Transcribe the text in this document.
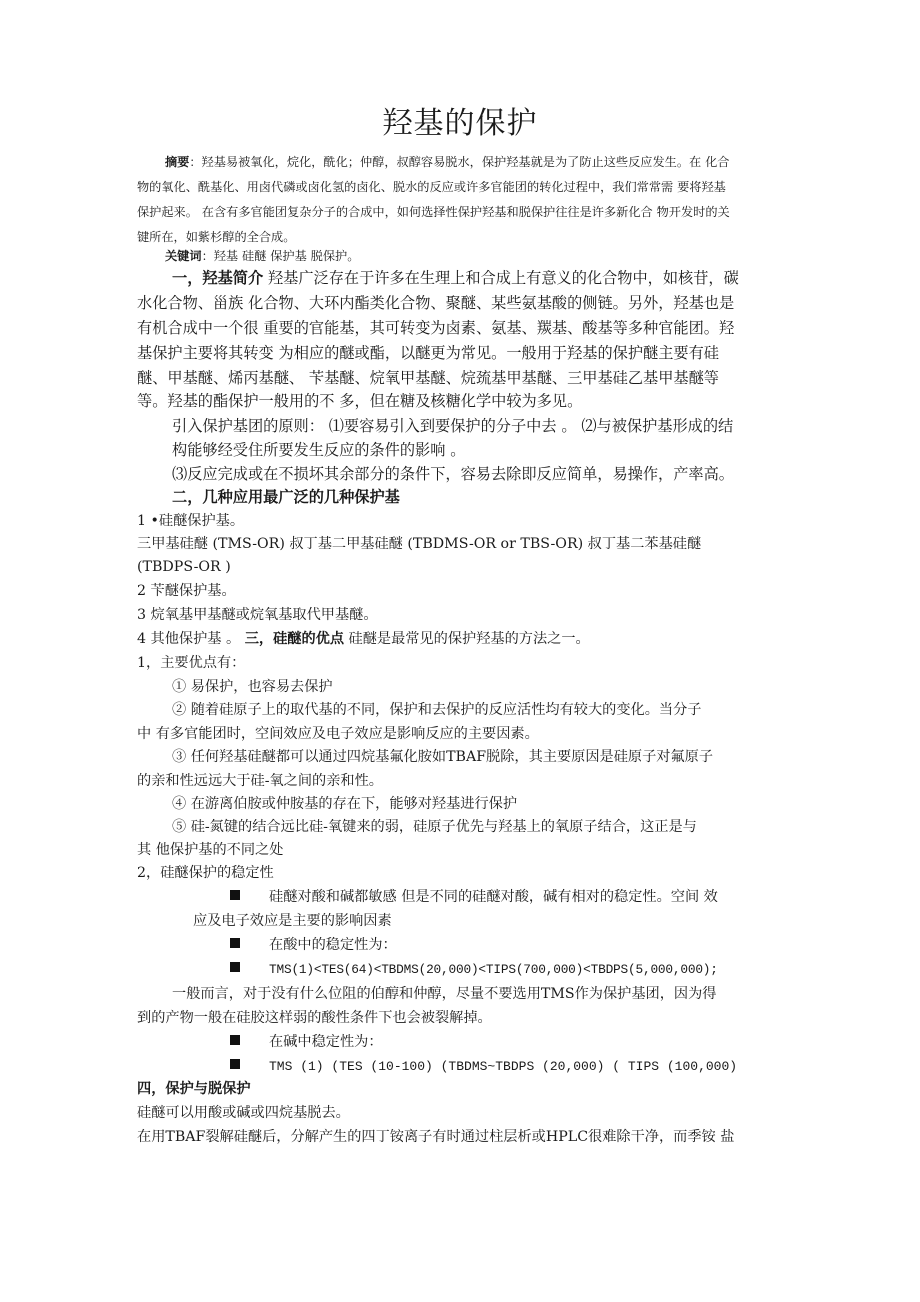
羟基的保护
摘要：羟基易被氧化，烷化，酰化；仲醇，叔醇容易脱水，保护羟基就是为了防止这些反应发生。在 化合
物的氧化、酰基化、用卤代磷或卤化氢的卤化、脱水的反应或许多官能团的转化过程中，我们常常需 要将羟基
保护起来。 在含有多官能团复杂分子的合成中，如何选择性保护羟基和脱保护往往是许多新化合 物开发时的关
键所在，如紫杉醇的全合成。
关键词：羟基 硅醚 保护基 脱保护。
一，羟基简介 羟基广泛存在于许多在生理上和合成上有意义的化合物中，如核苷，碳
水化合物、甾族 化合物、大环内酯类化合物、聚醚、某些氨基酸的侧链。另外，羟基也是
有机合成中一个很 重要的官能基，其可转变为卤素、氨基、羰基、酸基等多种官能团。羟
基保护主要将其转变 为相应的醚或酯，以醚更为常见。一般用于羟基的保护醚主要有硅
醚、甲基醚、烯丙基醚、 苄基醚、烷氧甲基醚、烷巯基甲基醚、三甲基硅乙基甲基醚等
等。羟基的酯保护一般用的不 多，但在糖及核糖化学中较为多见。
引入保护基团的原则： ⑴要容易引入到要保护的分子中去 。 ⑵与被保护基形成的结
构能够经受住所要发生反应的条件的影响 。
⑶反应完成或在不损坏其余部分的条件下，容易去除即反应简单，易操作，产率高。
二，几种应用最广泛的几种保护基
1 •硅醚保护基。
三甲基硅醚 (TMS-OR) 叔丁基二甲基硅醚 (TBDMS-OR or TBS-OR) 叔丁基二苯基硅醚
(TBDPS-OR )
2 苄醚保护基。
3 烷氧基甲基醚或烷氧基取代甲基醚。
4 其他保护基 。 三，硅醚的优点 硅醚是最常见的保护羟基的方法之一。
1，主要优点有：
① 易保护，也容易去保护
② 随着硅原子上的取代基的不同，保护和去保护的反应活性均有较大的变化。当分子
中 有多官能团时，空间效应及电子效应是影响反应的主要因素。
③ 任何羟基硅醚都可以通过四烷基氟化胺如TBAF脱除，其主要原因是硅原子对氟原子
的亲和性远远大于硅-氧之间的亲和性。
④ 在游离伯胺或仲胺基的存在下，能够对羟基进行保护
⑤ 硅-氮键的结合远比硅-氧键来的弱，硅原子优先与羟基上的氧原子结合，这正是与
其 他保护基的不同之处
2，硅醚保护的稳定性
硅醚对酸和碱都敏感 但是不同的硅醚对酸，碱有相对的稳定性。空间 效
应及电子效应是主要的影响因素
在酸中的稳定性为：
TMS(1)<TES(64)<TBDMS(20,000)<TIPS(700,000)<TBDPS(5,000,000);
一般而言，对于没有什么位阻的伯醇和仲醇，尽量不要选用TMS作为保护基团，因为得
到的产物一般在硅胶这样弱的酸性条件下也会被裂解掉。
在碱中稳定性为：
TMS (1) (TES (10-100) (TBDMS~TBDPS (20,000) ( TIPS (100,000)
四，保护与脱保护
硅醚可以用酸或碱或四烷基脱去。
在用TBAF裂解硅醚后，分解产生的四丁铵离子有时通过柱层析或HPLC很难除干净，而季铵 盐
